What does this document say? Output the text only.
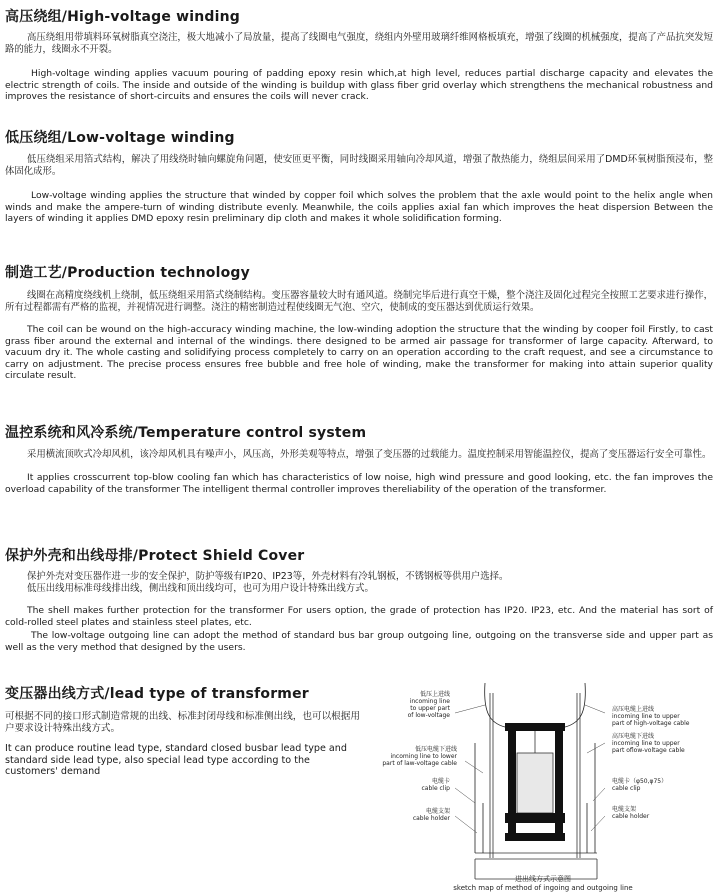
高压绕组/High-voltage winding

高压绕组用带填料环氧树脂真空浇注，极大地减小了局放量，提高了线圈电气强度，绕组内外壁用玻璃纤维网格板填充，增强了线圈的机械强度，提高了产品抗突发短路的能力，线圈永不开裂。

High-voltage winding applies vacuum pouring of padding epoxy resin which,at high level, reduces partial discharge capacity and elevates the electric strength of coils. The inside and outside of the winding is buildup with glass fiber grid overlay which strengthens the mechanical robustness and improves the resistance of short-circuits and ensures the coils will never crack.

低压绕组/Low-voltage winding

低压绕组采用箔式结构，解决了用线绕时轴向螺旋角问题，使安匝更平衡，同时线圈采用轴向冷却风道，增强了散热能力，绕组层间采用了DMD环氧树脂预浸布，整体固化成形。

Low-voltage winding applies the structure that winded by copper foil which solves the problem that the axle would point to the helix angle when winds and make the ampere-turn of winding distribute evenly. Meanwhile, the coils applies axial fan which improves the heat dispersion Between the layers of winding it applies DMD epoxy resin preliminary dip cloth and makes it whole solidification forming.

制造工艺/Production technology

线圈在高精度绕线机上绕制，低压绕组采用箔式绕制结构。变压器容量较大时有通风道。绕制完毕后进行真空干燥，整个浇注及固化过程完全按照工艺要求进行操作，所有过程都需有严格的监视，并视情况进行调整。浇注的精密制造过程使线圈无气泡、空穴，使制成的变压器达到优质运行效果。

The coil can be wound on the high-accuracy winding machine, the low-winding adoption the structure that the winding by cooper foil Firstly, to cast grass fiber around the external and internal of the windings. there designed to be armed air passage for transformer of large capacity. Afterward, to vacuum dry it. The whole casting and solidifying process completely to carry on an operation according to the craft request, and see a circumstance to carry on adjustment. The precise process ensures free bubble and free hole of winding, make the transformer for making into attain superior quality circulate result.

温控系统和风冷系统/Temperature control system

采用横流顶吹式冷却风机，该冷却风机具有噪声小，风压高，外形美观等特点，增强了变压器的过载能力。温度控制采用智能温控仪，提高了变压器运行安全可靠性。

It applies crosscurrent top-blow cooling fan which has characteristics of low noise, high wind pressure and good looking, etc. the fan improves the overload capability of the transformer The intelligent thermal controller improves thereliability of the operation of the transformer.

保护外壳和出线母排/Protect Shield Cover

保护外壳对变压器作进一步的安全保护，防护等级有IP20、IP23等，外壳材料有冷轧钢板，不锈钢板等供用户选择。

低压出线用标准母线排出线，侧出线和顶出线均可，也可为用户设计特殊出线方式。

The shell makes further protection for the transformer For users option, the grade of protection has IP20. IP23, etc. And the material has sort of cold-rolled steel plates and stainless steel plates, etc.

The low-voltage outgoing line can adopt the method of standard bus bar group outgoing line, outgoing on the transverse side and upper part as well as the very method that designed by the users.

变压器出线方式/lead type of transformer

可根据不同的接口形式制造常规的出线、标准封闭母线和标准侧出线，也可以根据用户要求设计特殊出线方式。

It can produce routine lead type, standard closed busbar lead type and standard side lead type, also special lead type according to the customers' demand

低压上进线
incoming line
to upper part
of low-voltage
低压电缆下进线
incoming line to lower
part of law-voltage cable
电缆卡
cable clip
电缆支架
cable holder
高压电缆上进线
incoming line to upper
part of high-voltage cable
高压电缆下进线
incoming line to upper
part oflow-voltage cable
电缆卡（φ50,φ75）
cable clip
电缆支架
cable holder
进出线方式示意图
sketch map of method of ingoing and outgoing line
